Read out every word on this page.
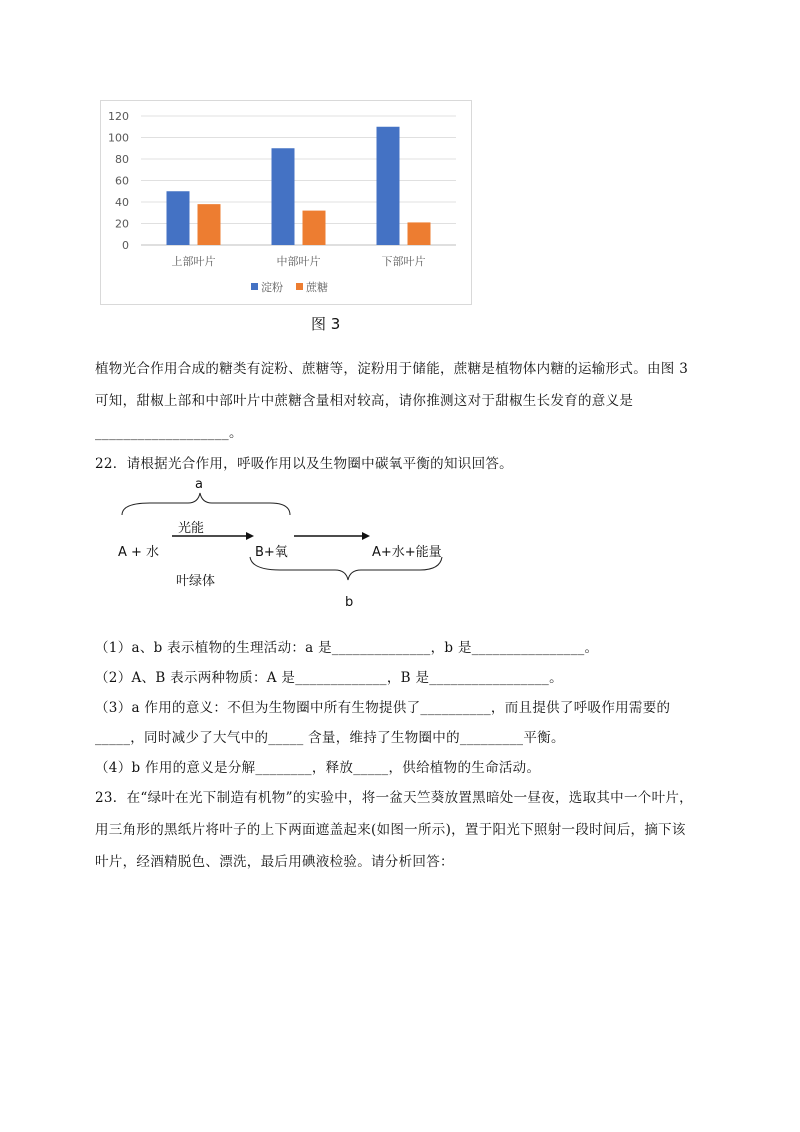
0
20
40
60
80
100
120
上部叶片	中部叶片	下部叶片
淀粉 蔗糖
图 3
植物光合作用合成的糖类有淀粉、蔗糖等，淀粉用于储能，蔗糖是植物体内糖的运输形式。由图 3
可知，甜椒上部和中部叶片中蔗糖含量相对较高，请你推测这对于甜椒生长发育的意义是
___________________。
22．请根据光合作用，呼吸作用以及生物圈中碳氧平衡的知识回答。
a
光能
A + 水	B+氧	A+水+能量
叶绿体
b
（1）a、b 表示植物的生理活动：a 是______________，b 是________________。
（2）A、B 表示两种物质：A 是_____________，B 是_________________。
（3）a 作用的意义：不但为生物圈中所有生物提供了__________，而且提供了呼吸作用需要的
_____，同时减少了大气中的_____ 含量，维持了生物圈中的_________平衡。
（4）b 作用的意义是分解________，释放_____，供给植物的生命活动。
23．在“绿叶在光下制造有机物”的实验中，将一盆天竺葵放置黑暗处一昼夜，选取其中一个叶片，
用三角形的黑纸片将叶子的上下两面遮盖起来(如图一所示)，置于阳光下照射一段时间后，摘下该
叶片，经酒精脱色、漂洗，最后用碘液检验。请分析回答：
